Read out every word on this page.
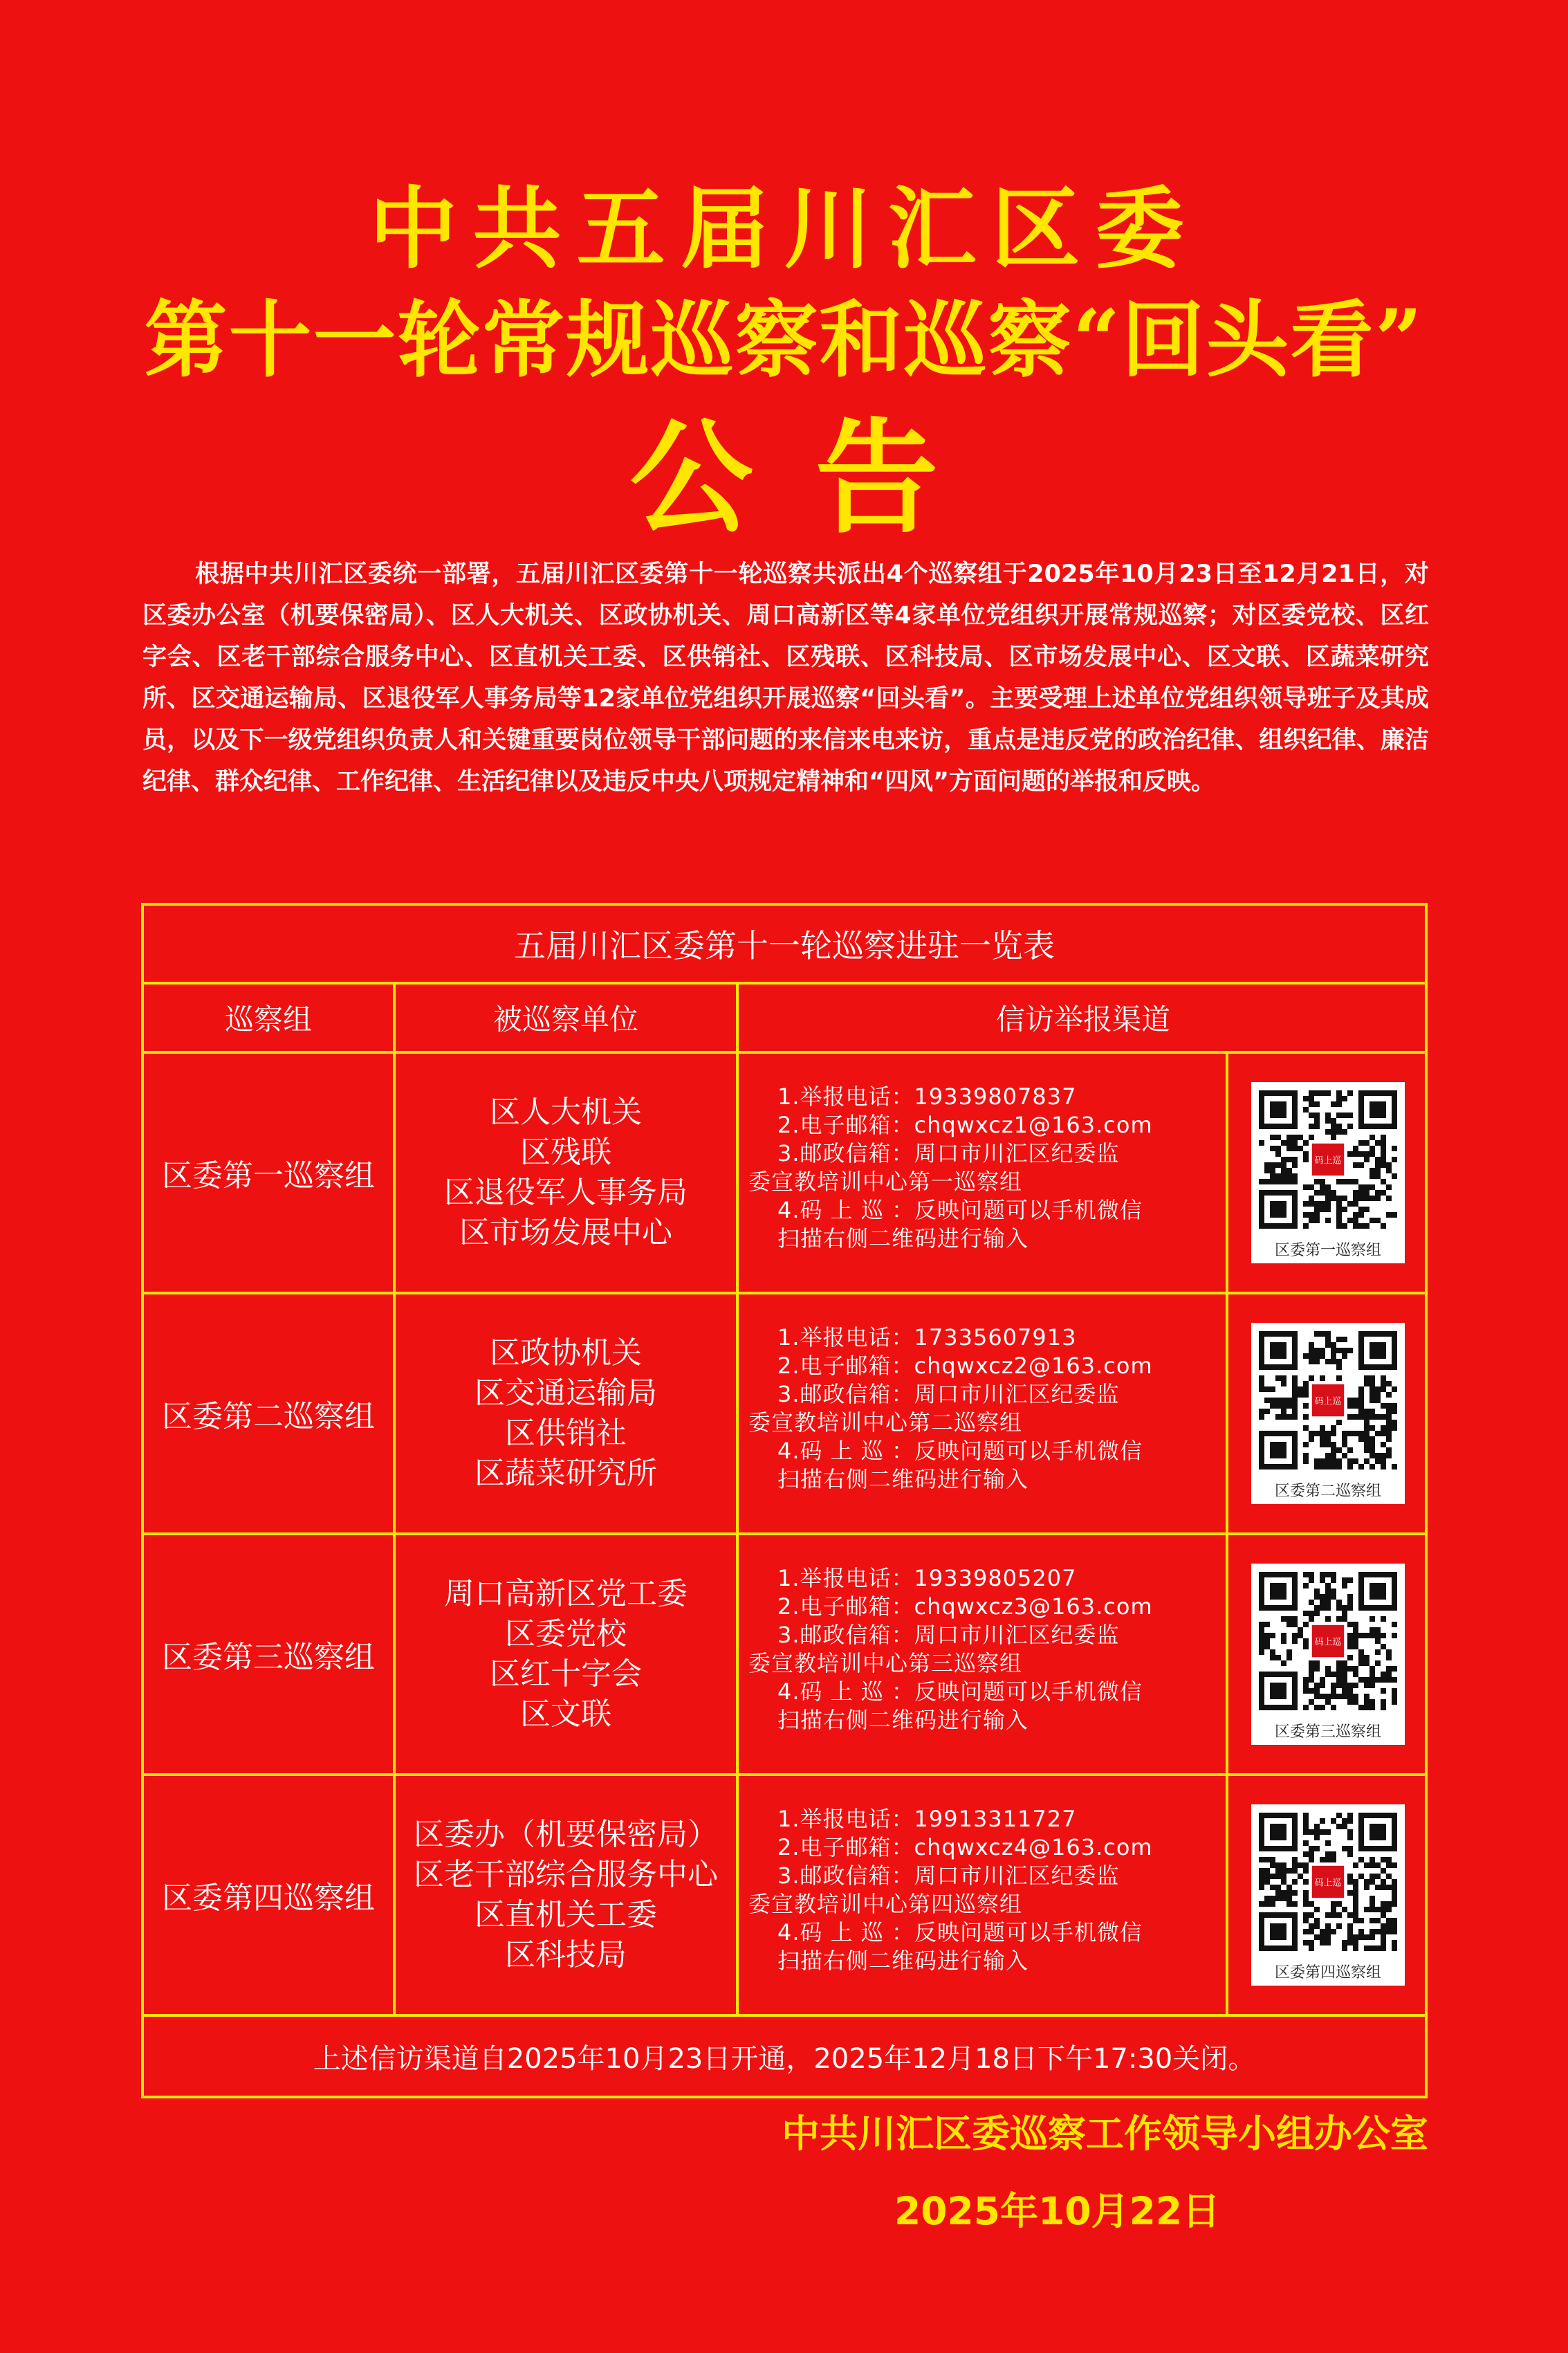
中共五届川汇区委
第十一轮常规巡察和巡察“回头看”
公告

根据中共川汇区委统一部署，五届川汇区委第十一轮巡察共派出4个巡察组于2025年10月23日至12月21日，对区委办公室（机要保密局）、区人大机关、区政协机关、周口高新区等4家单位党组织开展常规巡察；对区委党校、区红字会、区老干部综合服务中心、区直机关工委、区供销社、区残联、区科技局、区市场发展中心、区文联、区蔬菜研究所、区交通运输局、区退役军人事务局等12家单位党组织开展巡察“回头看”。主要受理上述单位党组织领导班子及其成员，以及下一级党组织负责人和关键重要岗位领导干部问题的来信来电来访，重点是违反党的政治纪律、组织纪律、廉洁纪律、群众纪律、工作纪律、生活纪律以及违反中央八项规定精神和“四风”方面问题的举报和反映。

五届川汇区委第十一轮巡察进驻一览表
巡察组	被巡察单位	信访举报渠道
区委第一巡察组
区人大机关
区残联
区退役军人事务局
区市场发展中心
1.举报电话：19339807837
2.电子邮箱：chqwxcz1@163.com
3.邮政信箱：周口市川汇区纪委监
委宣教培训中心第一巡察组
4.码 上 巡 ：反映问题可以手机微信
扫描右侧二维码进行输入
码上巡
区委第一巡察组
区委第二巡察组
区政协机关
区交通运输局
区供销社
区蔬菜研究所
1.举报电话：17335607913
2.电子邮箱：chqwxcz2@163.com
3.邮政信箱：周口市川汇区纪委监
委宣教培训中心第二巡察组
4.码 上 巡 ：反映问题可以手机微信
扫描右侧二维码进行输入
码上巡
区委第二巡察组
区委第三巡察组
周口高新区党工委
区委党校
区红十字会
区文联
1.举报电话：19339805207
2.电子邮箱：chqwxcz3@163.com
3.邮政信箱：周口市川汇区纪委监
委宣教培训中心第三巡察组
4.码 上 巡 ：反映问题可以手机微信
扫描右侧二维码进行输入
码上巡
区委第三巡察组
区委第四巡察组
区委办（机要保密局）
区老干部综合服务中心
区直机关工委
区科技局
1.举报电话：19913311727
2.电子邮箱：chqwxcz4@163.com
3.邮政信箱：周口市川汇区纪委监
委宣教培训中心第四巡察组
4.码 上 巡 ：反映问题可以手机微信
扫描右侧二维码进行输入
码上巡
区委第四巡察组
上述信访渠道自2025年10月23日开通，2025年12月18日下午17:30关闭。
中共川汇区委巡察工作领导小组办公室
2025年10月22日
